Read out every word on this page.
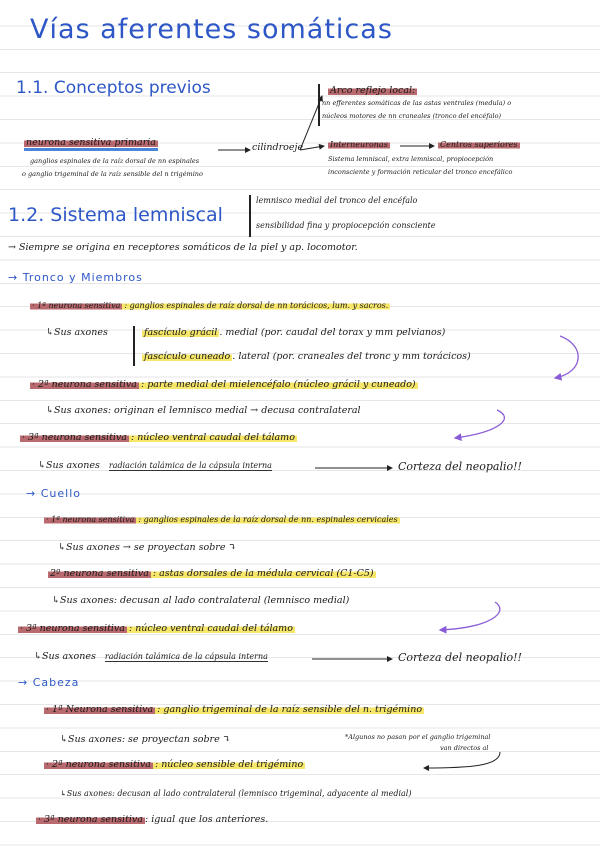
Vías aferentes somáticas
1.1. Conceptos previos
neurona sensitiva primaria
ganglios espinales de la raíz dorsal de nn espinales
o ganglio trigeminal de la raíz sensible del n trigémino
cilindroeje
Arco reflejo local:
nn efferentes somáticas de las astas ventrales (medula) o
núcleos motores de nn craneales (tronco del encéfalo)
Interneuronas	Centros superiores
Sistema lemniscal, extra lemniscal, propiocepción
inconsciente y formación reticular del tronco encefálico
1.2. Sistema lemniscal
lemnisco medial del tronco del encéfalo
sensibilidad fina y propiocepción consciente
→ Siempre se origina en receptores somáticos de la piel y ap. locomotor.
→ Tronco y Miembros
· 1ª neurona sensitiva : ganglios espinales de raíz dorsal de nn torácicos, lum. y sacros.
↳Sus axones	fascículo grácil . medial (por. caudal del torax y mm pelvianos)
fascículo cuneado . lateral (por. craneales del tronc y mm torácicos)
· 2ª neurona sensitiva : parte medial del mielencéfalo (núcleo grácil y cuneado)
↳Sus axones: originan el lemnisco medial → decusa contralateral
· 3ª neurona sensitiva : núcleo ventral caudal del tálamo
↳Sus axones radiación talámica de la cápsula interna	Corteza del neopalio!!
→ Cuello
· 1ª neurona sensitiva : ganglios espinales de la raíz dorsal de nn. espinales cervicales
↳Sus axones → se proyectan sobre ↴
2º neurona sensitiva : astas dorsales de la médula cervical (C1-C5)
↳Sus axones: decusan al lado contralateral (lemnisco medial)
· 3ª neurona sensitiva : núcleo ventral caudal del tálamo
↳Sus axones radiación talámica de la cápsula interna	Corteza del neopalio!!
→ Cabeza
· 1ª Neurona sensitiva : ganglio trigeminal de la raíz sensible del n. trigémino
↳Sus axones: se proyectan sobre ↴	*Algunos no pasan por el ganglio trigeminal
van directos al
· 2ª neurona sensitiva : núcleo sensible del trigémino
↳Sus axones: decusan al lado contralateral (lemnisco trigeminal, adyacente al medial)
· 3ª neurona sensitiva : igual que los anteriores.
